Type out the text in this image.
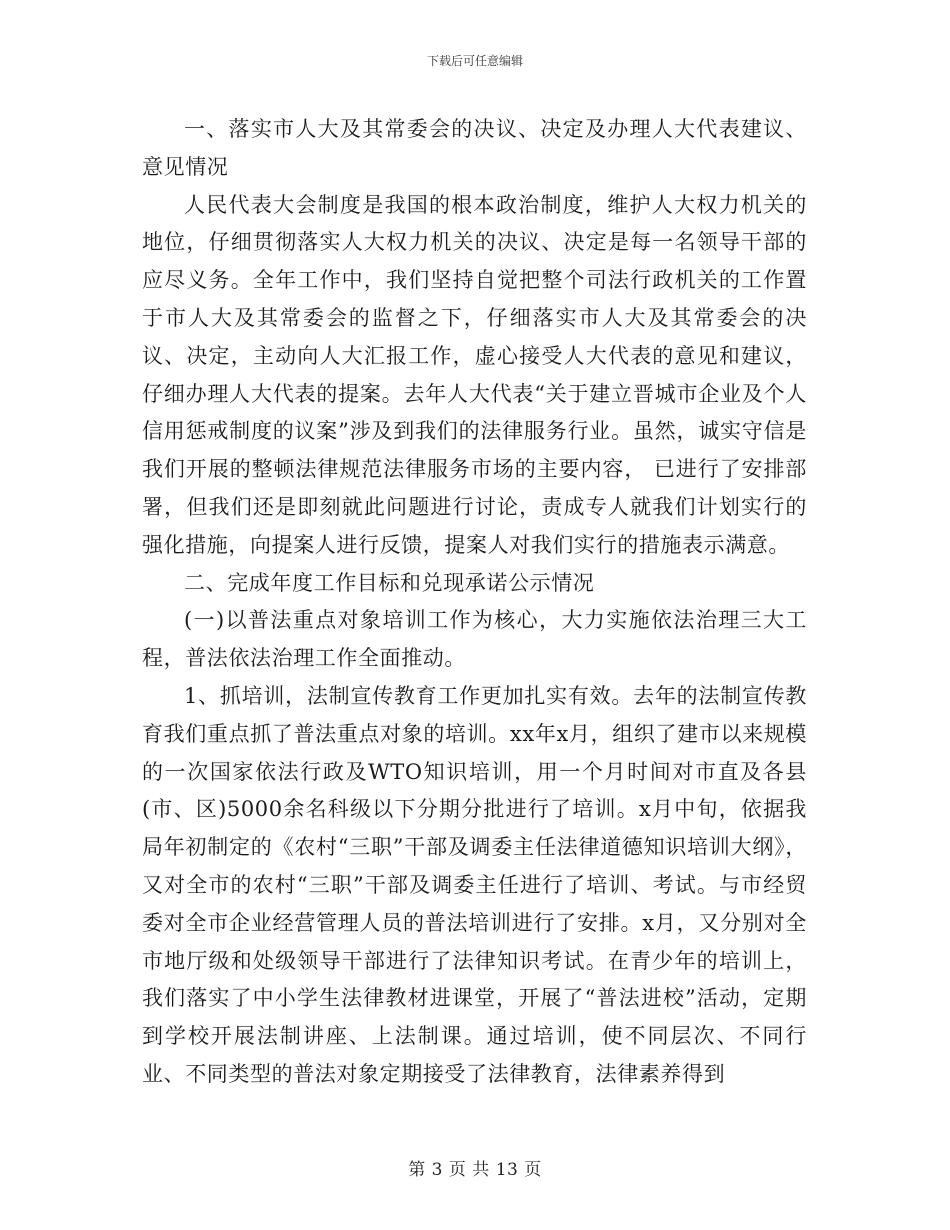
下载后可任意编辑

一、落实市人大及其常委会的决议、决定及办理人大代表建议、意见情况

人民代表大会制度是我国的根本政治制度，维护人大权力机关的地位，仔细贯彻落实人大权力机关的决议、决定是每一名领导干部的应尽义务。全年工作中，我们坚持自觉把整个司法行政机关的工作置于市人大及其常委会的监督之下，仔细落实市人大及其常委会的决议、决定，主动向人大汇报工作，虚心接受人大代表的意见和建议，仔细办理人大代表的提案。去年人大代表“关于建立晋城市企业及个人信用惩戒制度的议案”涉及到我们的法律服务行业。虽然，诚实守信是我们开展的整顿法律规范法律服务市场的主要内容， 已进行了安排部署，但我们还是即刻就此问题进行讨论，责成专人就我们计划实行的强化措施，向提案人进行反馈，提案人对我们实行的措施表示满意。

二、完成年度工作目标和兑现承诺公示情况

(一)以普法重点对象培训工作为核心，大力实施依法治理三大工程，普法依法治理工作全面推动。

1、抓培训，法制宣传教育工作更加扎实有效。去年的法制宣传教育我们重点抓了普法重点对象的培训。xx年x月，组织了建市以来规模的一次国家依法行政及WTO知识培训，用一个月时间对市直及各县(市、区)5000余名科级以下分期分批进行了培训。x月中旬，依据我局年初制定的《农村“三职”干部及调委主任法律道德知识培训大纲》，又对全市的农村“三职”干部及调委主任进行了培训、考试。与市经贸委对全市企业经营管理人员的普法培训进行了安排。x月，又分别对全市地厅级和处级领导干部进行了法律知识考试。在青少年的培训上，我们落实了中小学生法律教材进课堂，开展了“普法进校”活动，定期到学校开展法制讲座、上法制课。通过培训，使不同层次、不同行业、不同类型的普法对象定期接受了法律教育，法律素养得到

第 3 页 共 13 页
